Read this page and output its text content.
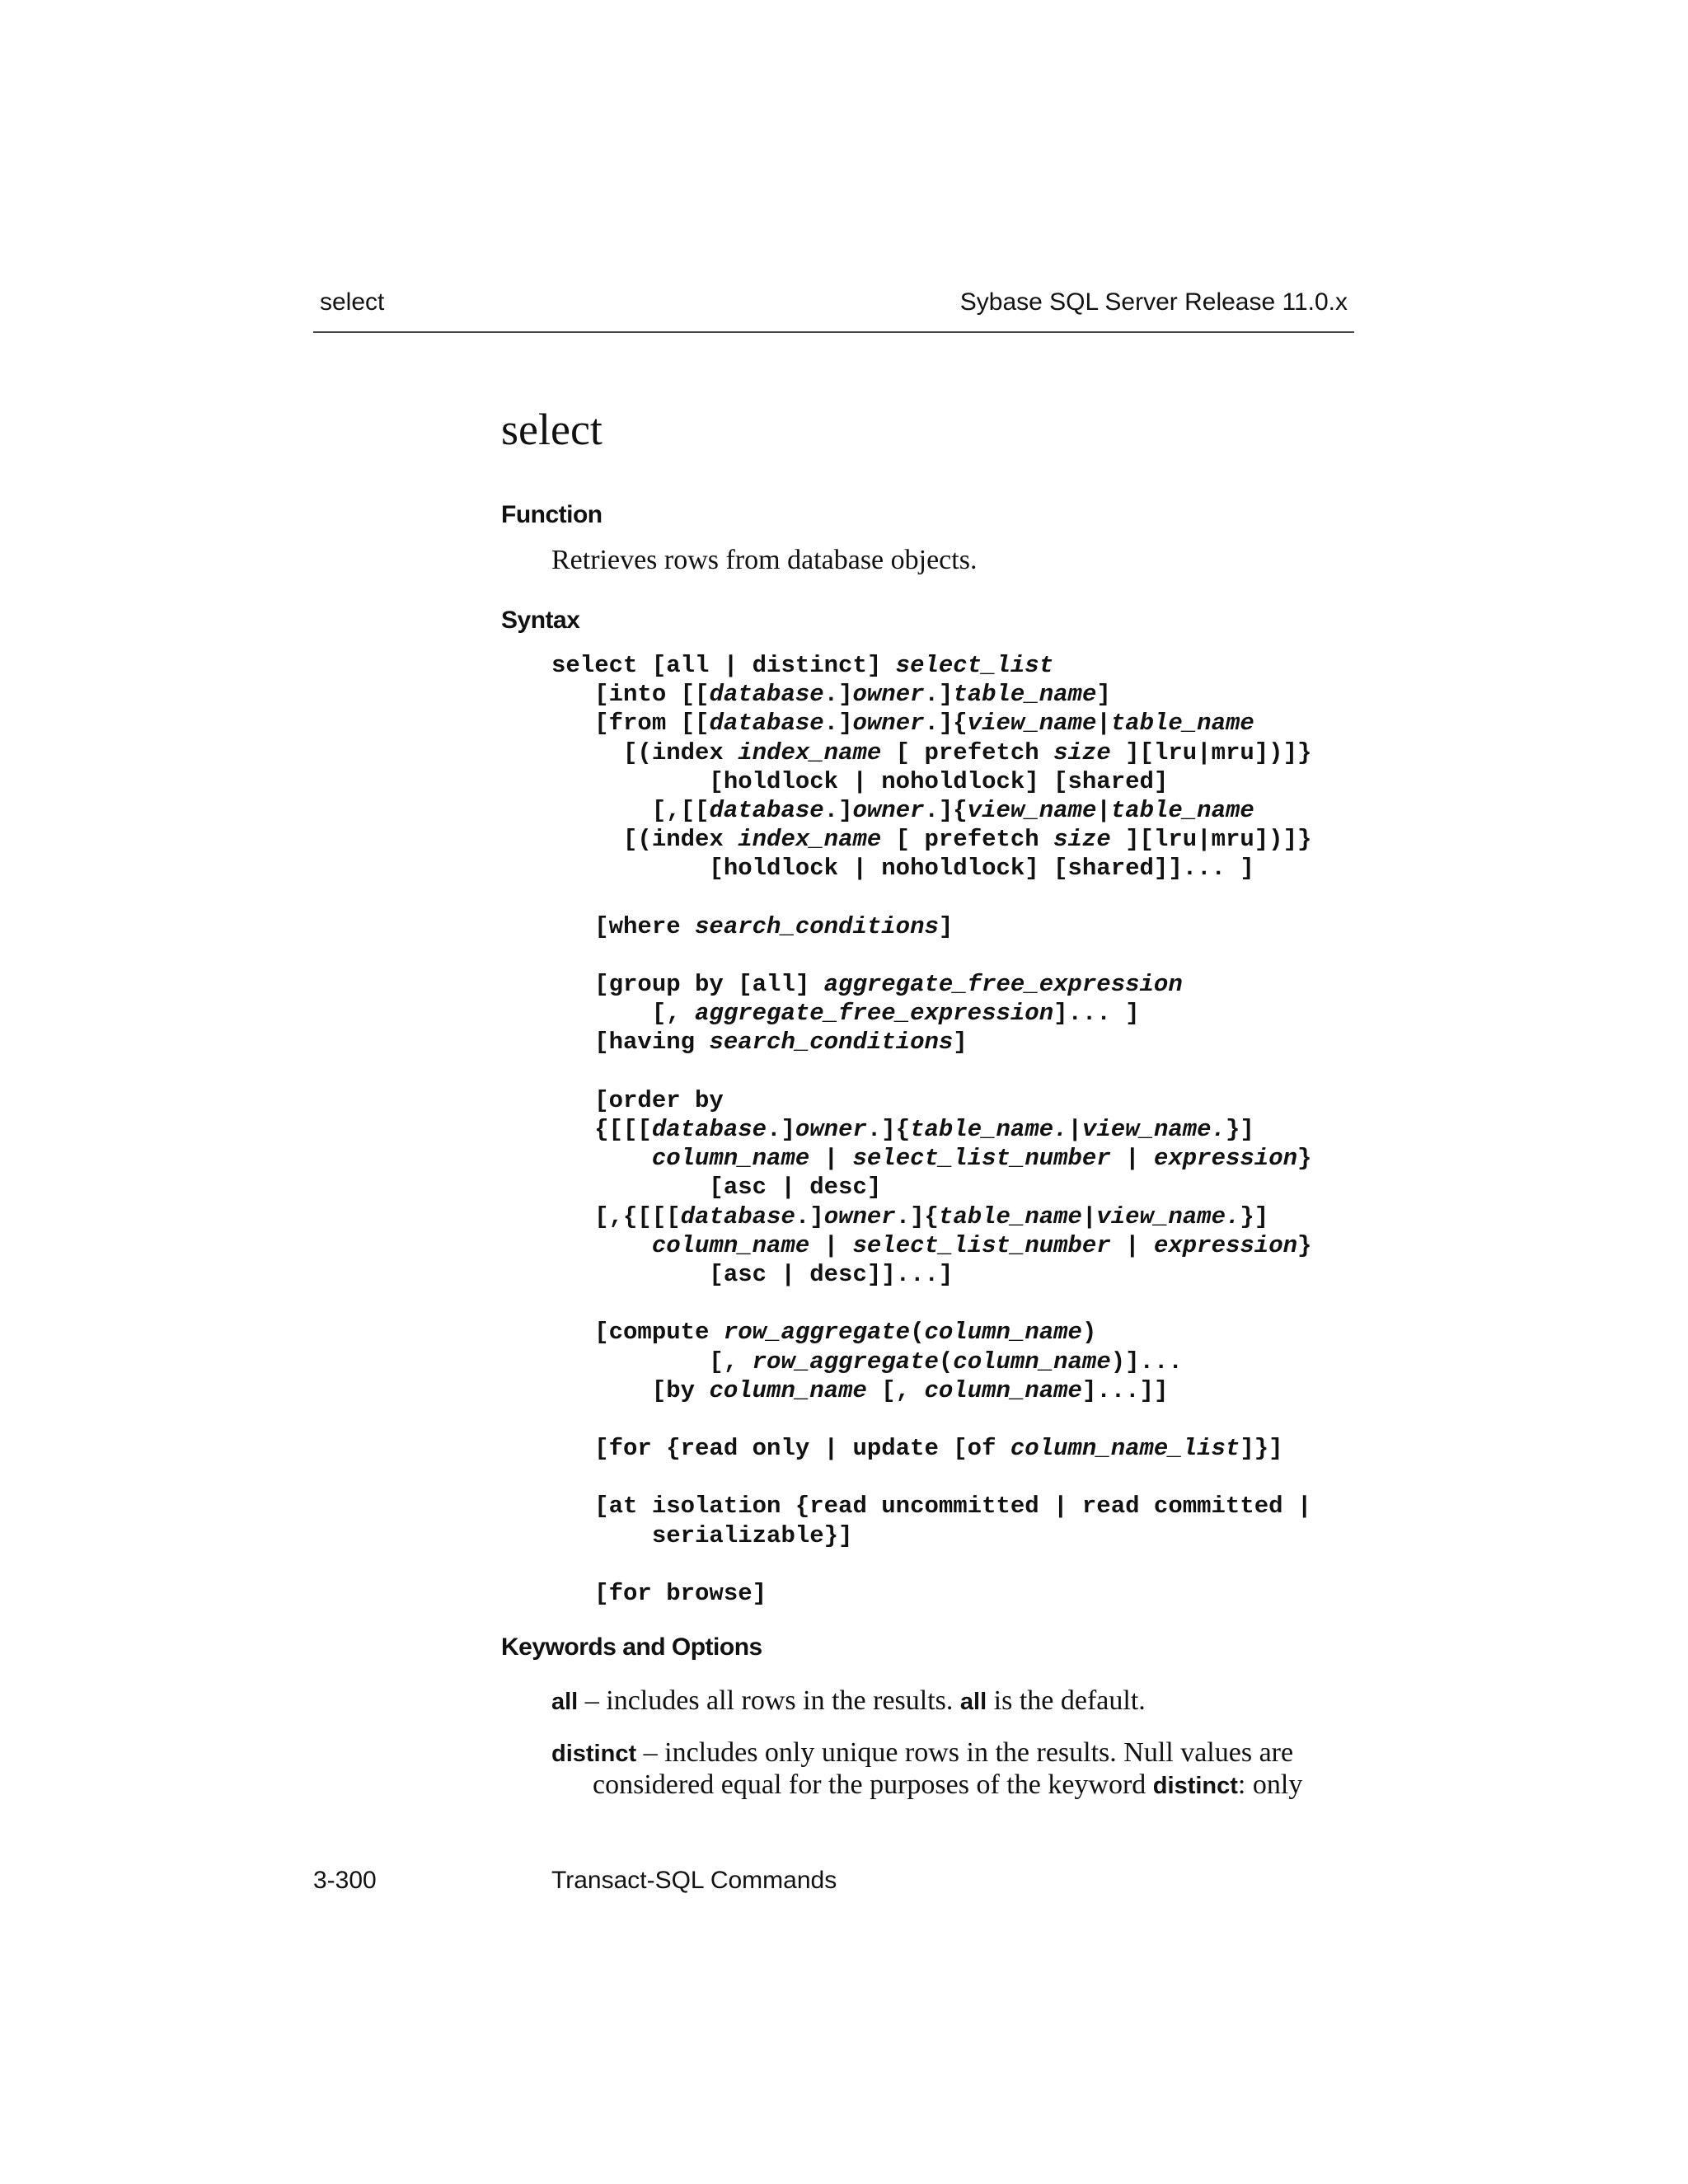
select	Sybase SQL Server Release 11.0.x
select
Function

Retrieves rows from database objects.

Syntax
select [all | distinct] select_list
[into [[database.]owner.]table_name]
[from [[database.]owner.]{view_name|table_name
[(index index_name [ prefetch size ][lru|mru])]}
[holdlock | noholdlock] [shared]
[,[[database.]owner.]{view_name|table_name
[(index index_name [ prefetch size ][lru|mru])]}
[holdlock | noholdlock] [shared]]... ]
[where search_conditions]
[group by [all] aggregate_free_expression
[, aggregate_free_expression]... ]
[having search_conditions]
[order by
{[[[database.]owner.]{table_name.|view_name.}]
column_name | select_list_number | expression}
[asc | desc]
[,{[[[database.]owner.]{table_name|view_name.}]
column_name | select_list_number | expression}
[asc | desc]]...]
[compute row_aggregate(column_name)
[, row_aggregate(column_name)]...
[by column_name [, column_name]...]]
[for {read only | update [of column_name_list]}]
[at isolation {read uncommitted | read committed |
serializable}]
[for browse]
Keywords and Options

all – includes all rows in the results. all is the default.

distinct – includes only unique rows in the results. Null values are
considered equal for the purposes of the keyword distinct: only

3-300	Transact-SQL Commands
